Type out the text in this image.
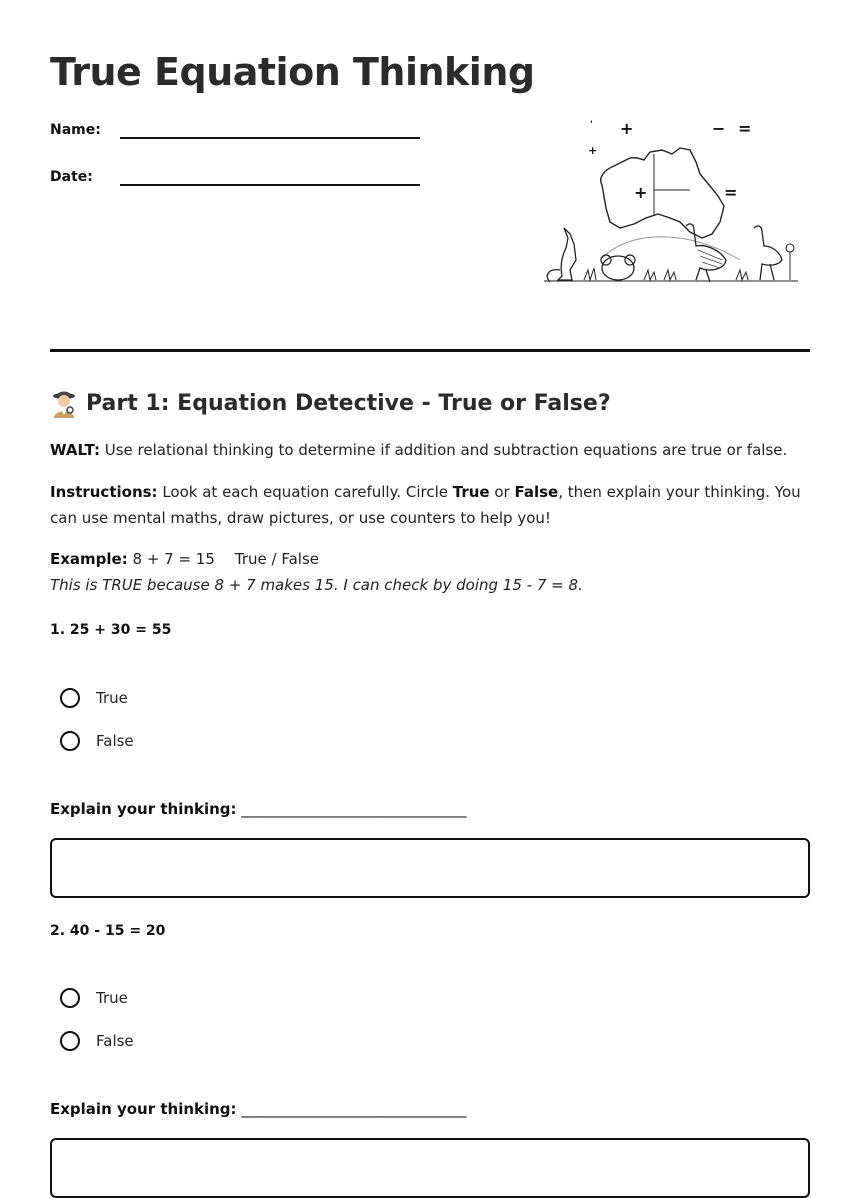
True Equation Thinking
Name:
Date:
' +
+
− =
+	=
Part 1: Equation Detective - True or False?
WALT: Use relational thinking to determine if addition and subtraction equations are true or false.
Instructions: Look at each equation carefully. Circle True or False, then explain your thinking. You can use mental maths, draw pictures, or use counters to help you!
Example: 8 + 7 = 15 True / False
This is TRUE because 8 + 7 makes 15. I can check by doing 15 - 7 = 8.
1. 25 + 30 = 55
True
False
Explain your thinking: ______________________________
2. 40 - 15 = 20
True
False
Explain your thinking: ______________________________
